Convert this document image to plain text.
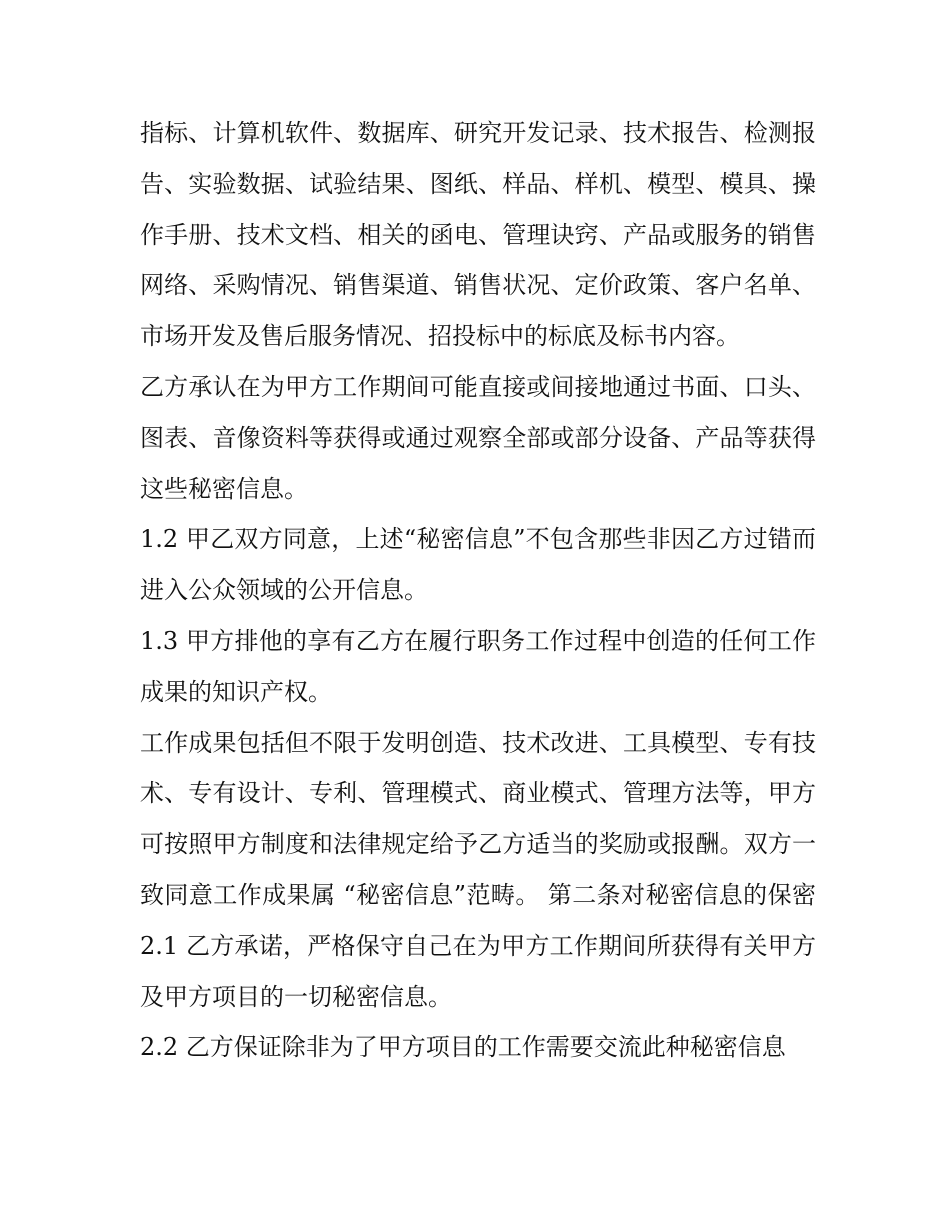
指标、计算机软件、数据库、研究开发记录、技术报告、检测报告、实验数据、试验结果、图纸、样品、样机、模型、模具、操作手册、技术文档、相关的函电、管理诀窍、产品或服务的销售网络、采购情况、销售渠道、销售状况、定价政策、客户名单、市场开发及售后服务情况、招投标中的标底及标书内容。

乙方承认在为甲方工作期间可能直接或间接地通过书面、口头、图表、音像资料等获得或通过观察全部或部分设备、产品等获得这些秘密信息。

1.2 甲乙双方同意，上述“秘密信息”不包含那些非因乙方过错而进入公众领域的公开信息。

1.3 甲方排他的享有乙方在履行职务工作过程中创造的任何工作成果的知识产权。

工作成果包括但不限于发明创造、技术改进、工具模型、专有技术、专有设计、专利、管理模式、商业模式、管理方法等，甲方可按照甲方制度和法律规定给予乙方适当的奖励或报酬。双方一致同意工作成果属 “秘密信息”范畴。 第二条对秘密信息的保密 2.1 乙方承诺，严格保守自己在为甲方工作期间所获得有关甲方及甲方项目的一切秘密信息。

2.2 乙方保证除非为了甲方项目的工作需要交流此种秘密信息
